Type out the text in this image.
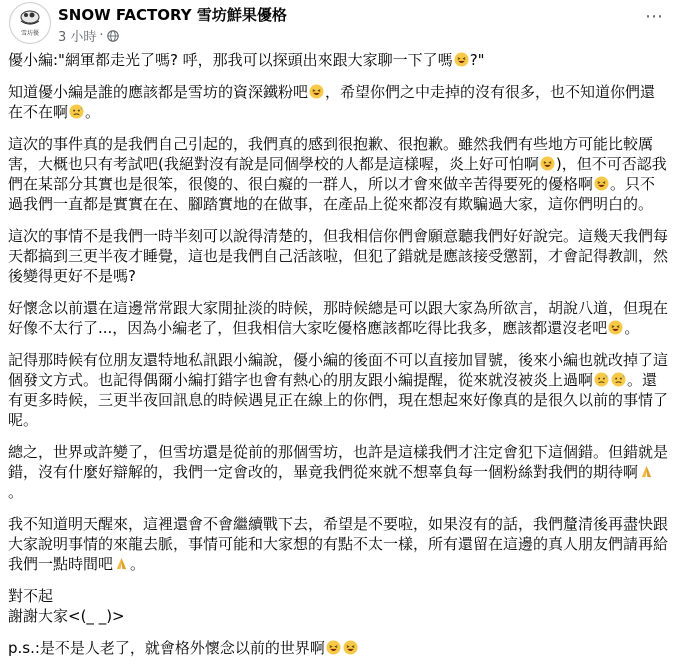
雪坊優
SNOW FACTORY 雪坊鮮果優格
3 小時 ·
⋯

優小編:"網軍都走光了嗎? 呼，那我可以探頭出來跟大家聊一下了嗎 ?"

知道優小編是誰的應該都是雪坊的資深鐵粉吧 ，希望你們之中走掉的沒有很多，也不知道你們還在不在啊 。

這次的事件真的是我們自己引起的，我們真的感到很抱歉、很抱歉。雖然我們有些地方可能比較厲害，大概也只有考試吧(我絕對沒有說是同個學校的人都是這樣喔，炎上好可怕啊 )，但不可否認我們在某部分其實也是很笨，很傻的、很白癡的一群人，所以才會來做辛苦得要死的優格啊 。只不過我們一直都是實實在在、腳踏實地的在做事，在產品上從來都沒有欺騙過大家，這你們明白的。

這次的事情不是我們一時半刻可以說得清楚的，但我相信你們會願意聽我們好好說完。這幾天我們每天都搞到三更半夜才睡覺，這也是我們自己活該啦，但犯了錯就是應該接受懲罰，才會記得教訓，然後變得更好不是嗎?

好懷念以前還在這邊常常跟大家閒扯淡的時候，那時候總是可以跟大家為所欲言，胡說八道，但現在好像不太行了...，因為小編老了，但我相信大家吃優格應該都吃得比我多，應該都還沒老吧 。

記得那時候有位朋友還特地私訊跟小編說，優小編的後面不可以直接加冒號，後來小編也就改掉了這個發文方式。也記得偶爾小編打錯字也會有熱心的朋友跟小編提醒，從來就沒被炎上過啊 。還有更多時候，三更半夜回訊息的時候遇見正在線上的你們，現在想起來好像真的是很久以前的事情了呢。

總之，世界或許變了，但雪坊還是從前的那個雪坊，也許是這樣我們才注定會犯下這個錯。但錯就是錯，沒有什麼好辯解的，我們一定會改的，畢竟我們從來就不想辜負每一個粉絲對我們的期待啊。

我不知道明天醒來，這裡還會不會繼續戰下去，希望是不要啦，如果沒有的話，我們釐清後再盡快跟大家說明事情的來龍去脈，事情可能和大家想的有點不太一樣，所有還留在這邊的真人朋友們請再給我們一點時間吧 。

對不起
謝謝大家<(_ _)>

p.s.:是不是人老了，就會格外懷念以前的世界啊
